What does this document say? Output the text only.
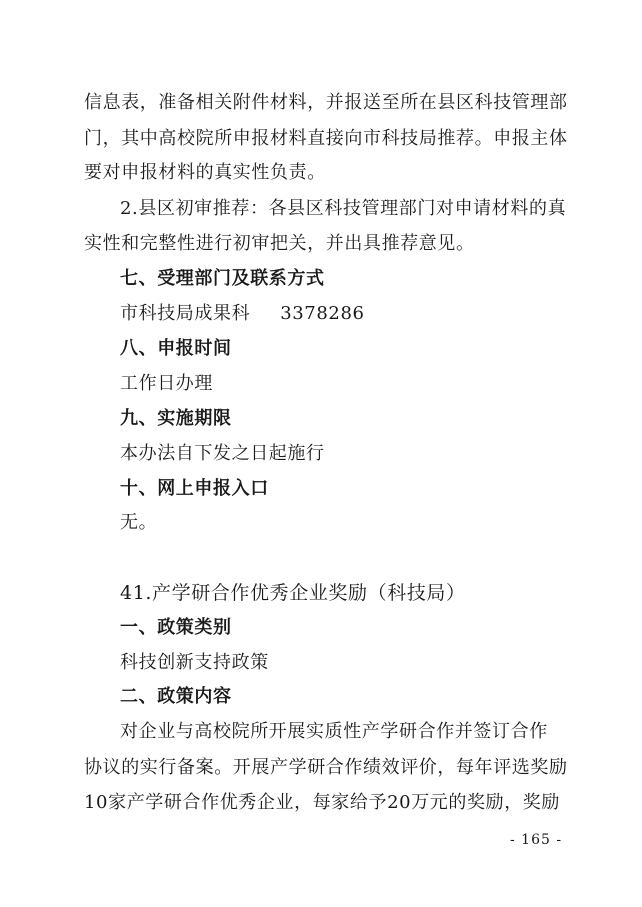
信息表，准备相关附件材料，并报送至所在县区科技管理部
门，其中高校院所申报材料直接向市科技局推荐。申报主体
要对申报材料的真实性负责。
2.县区初审推荐：各县区科技管理部门对申请材料的真
实性和完整性进行初审把关，并出具推荐意见。
七、受理部门及联系方式
市科技局成果科 3378286
八、申报时间
工作日办理
九、实施期限
本办法自下发之日起施行
十、网上申报入口
无。
41.产学研合作优秀企业奖励（科技局）
一、政策类别
科技创新支持政策
二、政策内容
对企业与高校院所开展实质性产学研合作并签订合作
协议的实行备案。开展产学研合作绩效评价，每年评选奖励
10家产学研合作优秀企业，每家给予20万元的奖励，奖励
- 165 -
